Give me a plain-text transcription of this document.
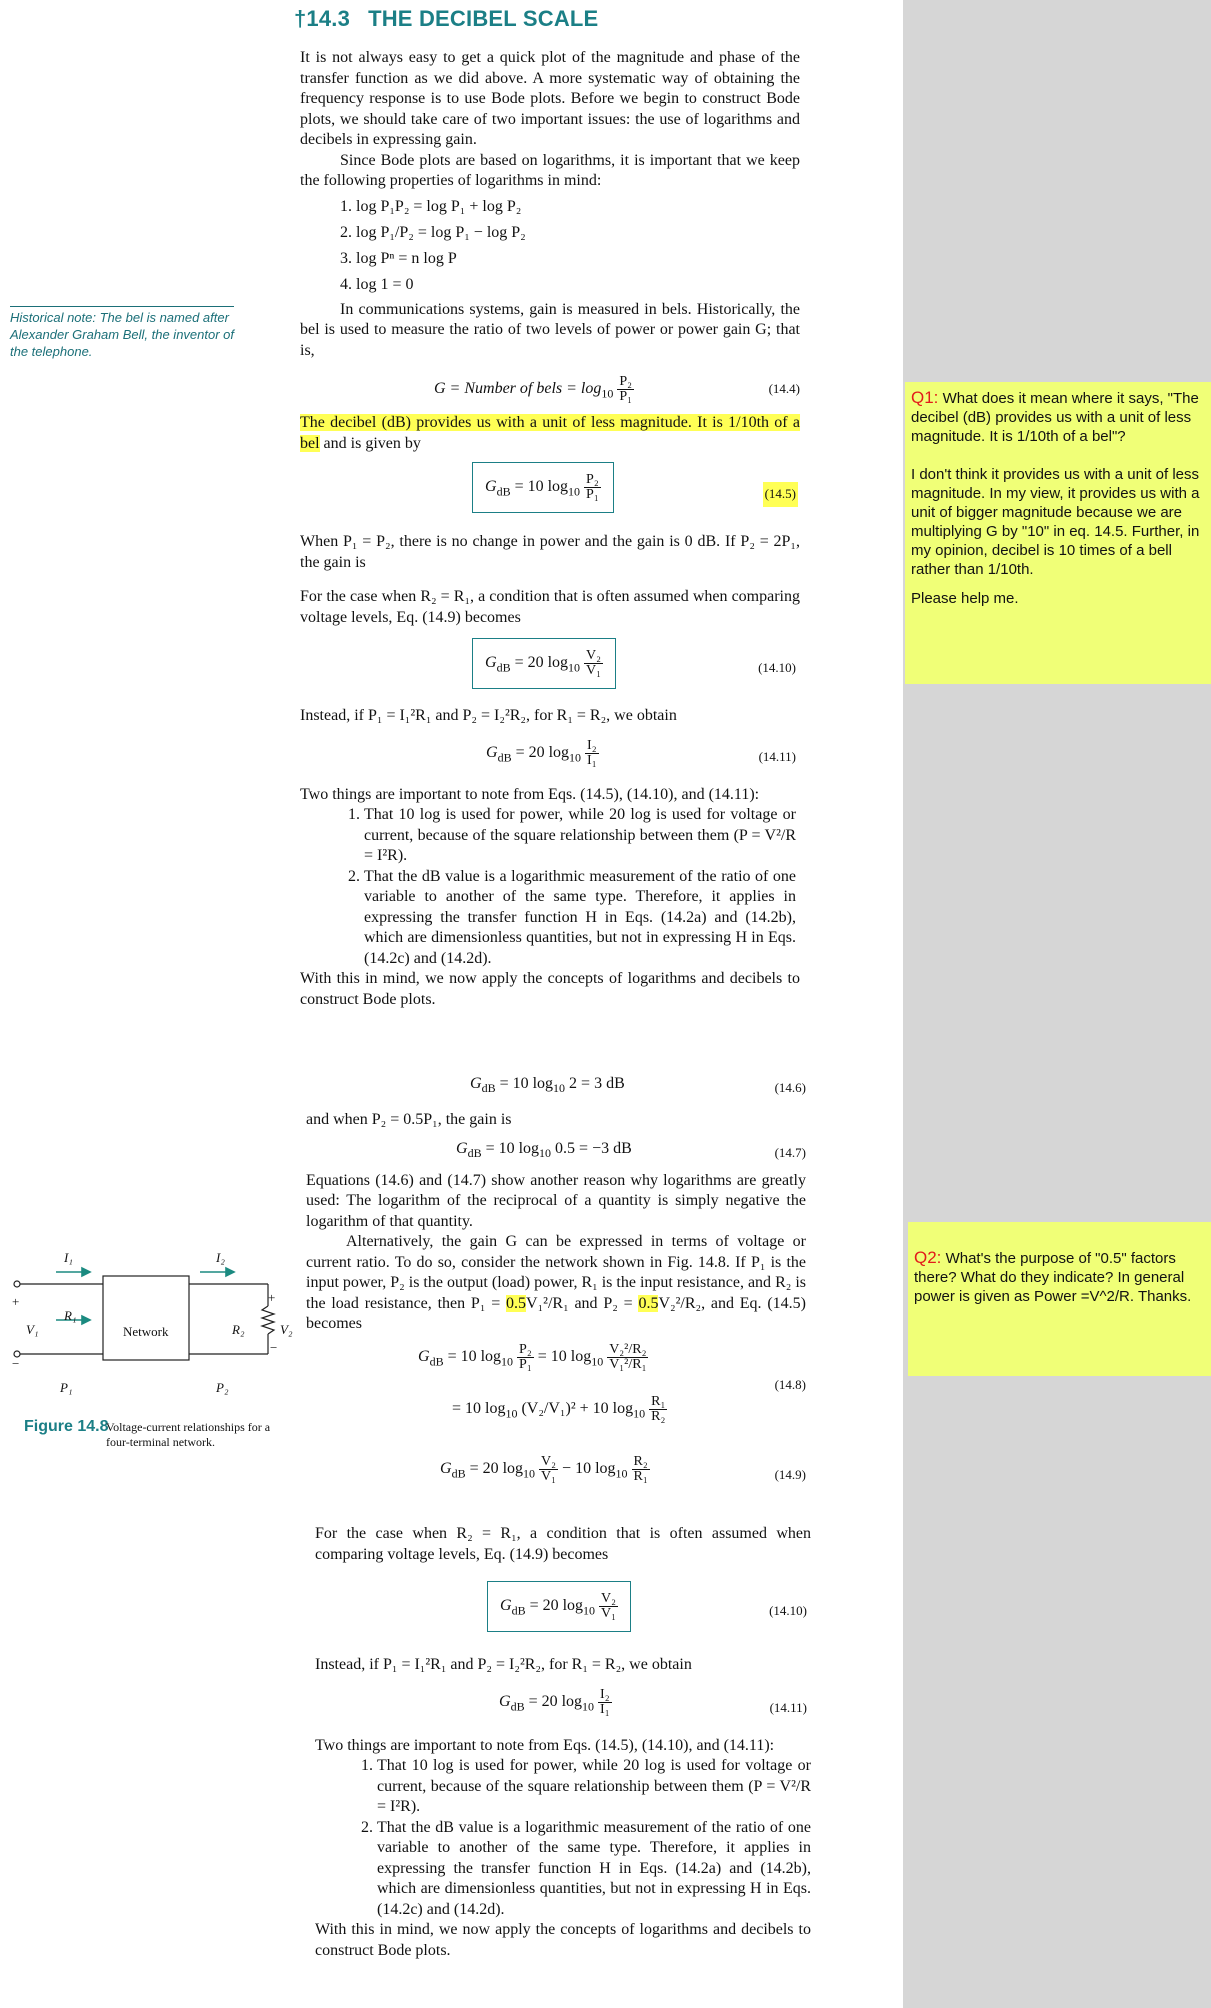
†14.3 THE DECIBEL SCALE
Historical note: The bel is named after Alexander Graham Bell, the inventor of the telephone.

It is not always easy to get a quick plot of the magnitude and phase of the transfer function as we did above. A more systematic way of obtaining the frequency response is to use Bode plots. Before we begin to construct Bode plots, we should take care of two important issues: the use of logarithms and decibels in expressing gain.

Since Bode plots are based on logarithms, it is important that we keep the following properties of logarithms in mind:

1. log P₁P₂ = log P₁ + log P₂
2. log P₁/P₂ = log P₁ − log P₂
3. log Pⁿ = n log P
4. log 1 = 0

In communications systems, gain is measured in bels. Historically, the bel is used to measure the ratio of two levels of power or power gain G; that is,

G = Number of bels = $\log_{10} \frac{\text{P₂}}{\text{P₁}}$	(14.4)

The decibel (dB) provides us with a unit of less magnitude. It is 1/10th of a bel and is given by

$G_{dB} = 10$ $\log_{10} \frac{\text{P₂}}{\text{P₁}}$	(14.5)

When P₁ = P₂, there is no change in power and the gain is 0 dB. If P₂ = 2P₁, the gain is

For the case when R₂ = R₁, a condition that is often assumed when comparing voltage levels, Eq. (14.9) becomes

$G_{dB} = 20$ $\log_{10} \frac{\text{V₂}}{\text{V₁}}$	(14.10)

Instead, if P₁ = I₁²R₁ and P₂ = I₂²R₂, for R₁ = R₂, we obtain

$G_{dB} = 20$ $\log_{10} \frac{\text{I₂}}{\text{I₁}}$	(14.11)

Two things are important to note from Eqs. (14.5), (14.10), and (14.11):

1. That 10 log is used for power, while 20 log is used for voltage or current, because of the square relationship between them (P = V²/R = I²R).
2. That the dB value is a logarithmic measurement of the ratio of one variable to another of the same type. Therefore, it applies in expressing the transfer function H in Eqs. (14.2a) and (14.2b), which are dimensionless quantities, but not in expressing H in Eqs. (14.2c) and (14.2d).

With this in mind, we now apply the concepts of logarithms and decibels to construct Bode plots.

$G_{dB} = 10$ $\log_{10} 2 = 3$ dB	(14.6)

and when P₂ = 0.5P₁, the gain is

$G_{dB} = 10$ $\log_{10} 0.5 = -3$ dB	(14.7)

Equations (14.6) and (14.7) show another reason why logarithms are greatly used: The logarithm of the reciprocal of a quantity is simply negative the logarithm of that quantity.

Alternatively, the gain G can be expressed in terms of voltage or current ratio. To do so, consider the network shown in Fig. 14.8. If P₁ is the input power, P₂ is the output (load) power, R₁ is the input resistance, and R₂ is the load resistance, then P₁ = 0.5V₁²/R₁ and P₂ = 0.5V₂²/R₂, and Eq. (14.5) becomes

$G_{dB} = 10$ $\log_{10} \frac{\text{P₂}}{\text{P₁}} = 10$ $\log_{10} \frac{\text{V₂²/R₂}}{\text{V₁²/R₁}}$
= 10 $\log_{10} (V_2/V_1)^2 + 10$ $\log_{10} \frac{\text{R₁}}{\text{R₂}}$
(14.8)
$G_{dB} = 20$ $\log_{10} \frac{\text{V₂}}{\text{V₁}} - 10$ $\log_{10} \frac{\text{R₂}}{\text{R₁}}$	(14.9)

For the case when R₂ = R₁, a condition that is often assumed when comparing voltage levels, Eq. (14.9) becomes

$G_{dB} = 20$ $\log_{10} \frac{\text{V₂}}{\text{V₁}}$	(14.10)

Instead, if P₁ = I₁²R₁ and P₂ = I₂²R₂, for R₁ = R₂, we obtain

$G_{dB} = 20$ $\log_{10} \frac{\text{I₂}}{\text{I₁}}$	(14.11)

Two things are important to note from Eqs. (14.5), (14.10), and (14.11):

1. That 10 log is used for power, while 20 log is used for voltage or current, because of the square relationship between them (P = V²/R = I²R).
2. That the dB value is a logarithmic measurement of the ratio of one variable to another of the same type. Therefore, it applies in expressing the transfer function H in Eqs. (14.2a) and (14.2b), which are dimensionless quantities, but not in expressing H in Eqs. (14.2c) and (14.2d).

With this in mind, we now apply the concepts of logarithms and decibels to construct Bode plots.

I₁	I₂
V₁
R₁
Network	R₂	V₂
P₁	P₂
+	+
−
−
Figure 14.8
Voltage-current relationships for a four-terminal network.
Q1: What does it mean where it says, "The decibel (dB) provides us with a unit of less magnitude. It is 1/10th of a bel"?
I don't think it provides us with a unit of less magnitude. In my view, it provides us with a unit of bigger magnitude because we are multiplying G by "10" in eq. 14.5. Further, in my opinion, decibel is 10 times of a bell rather than 1/10th.
Please help me.
Q2: What's the purpose of "0.5" factors there? What do they indicate? In general power is given as Power =V^2/R. Thanks.
